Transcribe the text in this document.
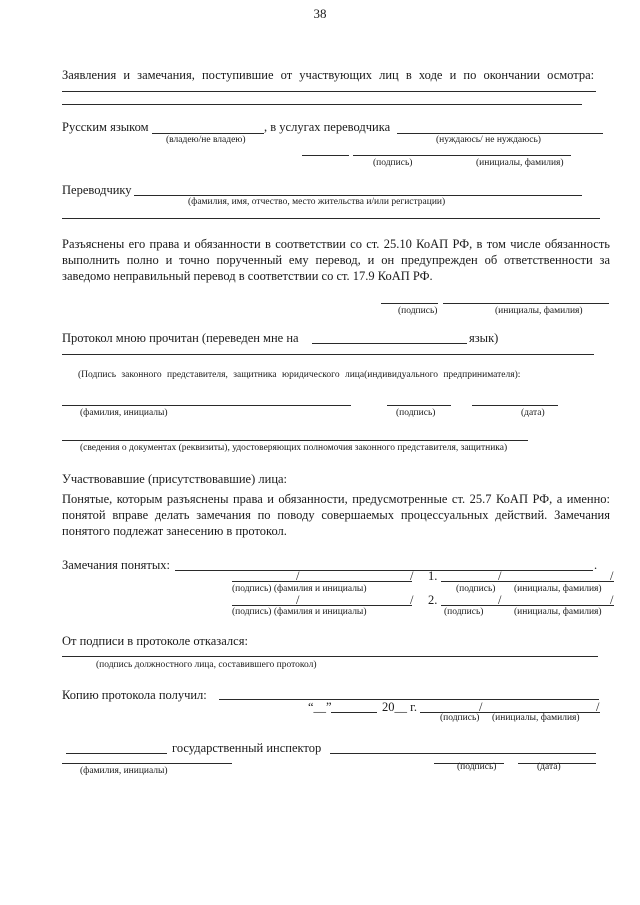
38
Заявления и замечания, поступившие от участвующих лиц в ходе и по окончании осмотра:
Русским языком	, в услугах переводчика
(владею/не владею)	(нуждаюсь/ не нуждаюсь)
(подпись)	(инициалы, фамилия)
Переводчику
(фамилия, имя, отчество, место жительства и/или регистрации)
Разъяснены его права и обязанности в соответствии со ст. 25.10 КоАП РФ, в том числе обязанность выполнить полно и точно порученный ему перевод, и он предупрежден об ответственности за заведомо неправильный перевод в соответствии со ст. 17.9 КоАП РФ.
(подпись)	(инициалы, фамилия)
Протокол мною прочитан (переведен мне на	язык)
(Подпись законного представителя, защитника юридического лица(индивидуального предпринимателя):
(фамилия, инициалы)	(подпись)	(дата)
(сведения о документах (реквизиты), удостоверяющих полномочия законного представителя, защитника)
Участвовавшие (присутствовавшие) лица:
Понятые, которым разъяснены права и обязанности, предусмотренные ст. 25.7 КоАП РФ, а именно: понятой вправе делать замечания по поводу совершаемых процессуальных действий. Замечания понятого подлежат занесению в протокол.
Замечания понятых:	.
/	/ 1.	/	/
(подпись) (фамилия и инициалы)	(подпись) (инициалы, фамилия)
/	/ 2.	/	/
(подпись) (фамилия и инициалы)	(подпись)	(инициалы, фамилия)
От подписи в протоколе отказался:
(подпись должностного лица, составившего протокол)
Копию протокола получил:
“__”	20__ г.	/	/
(подпись) (инициалы, фамилия)
государственный инспектор
(фамилия, инициалы)	(подпись)	(дата)
